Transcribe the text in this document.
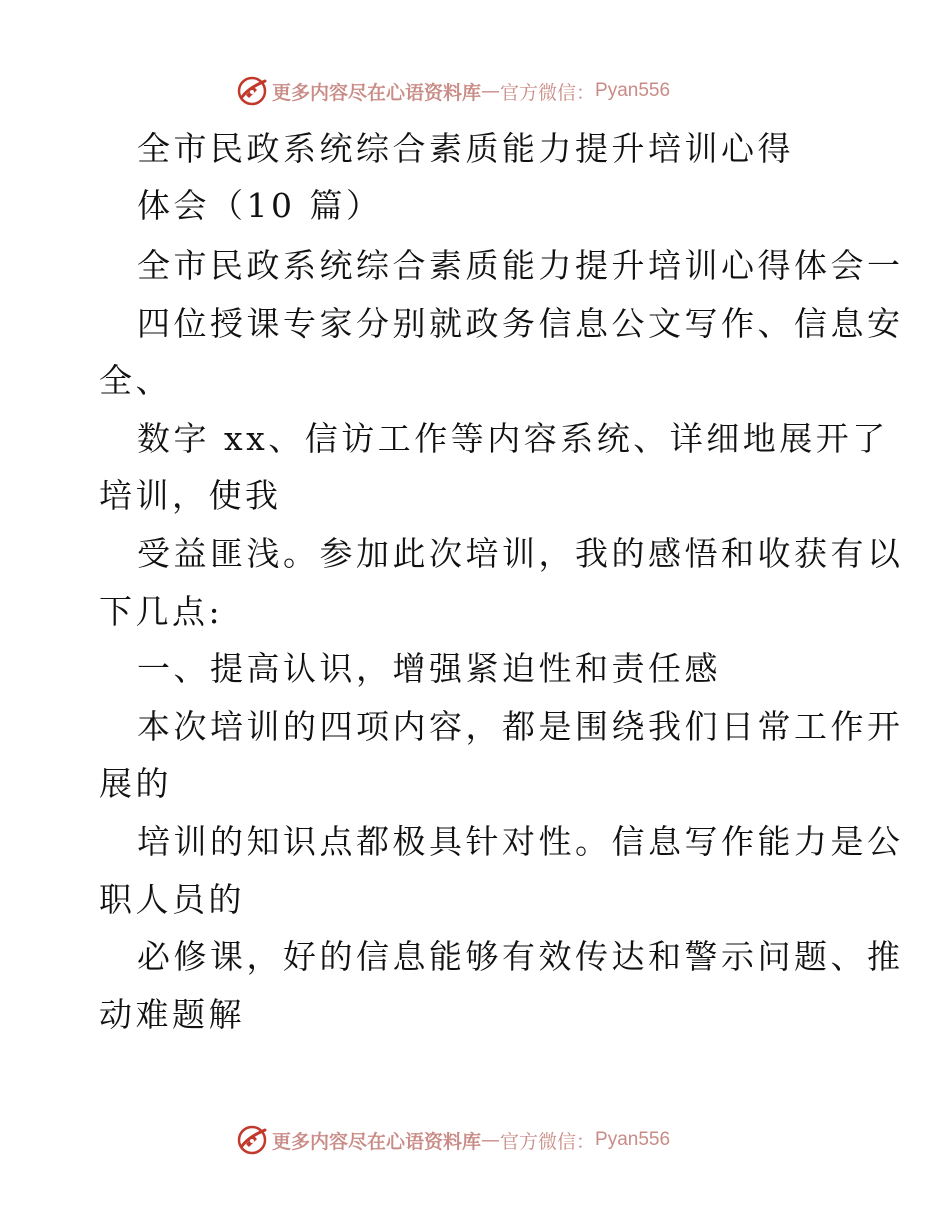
更多内容尽在心语资料库 — 官方微信： Pyan556
全市民政系统综合素质能力提升培训心得
体会（10 篇）
全市民政系统综合素质能力提升培训心得体会一
四位授课专家分别就政务信息公文写作、信息安
全、
数字 xx、信访工作等内容系统、详细地展开了
培训，使我
受益匪浅。参加此次培训，我的感悟和收获有以
下几点:
一、提高认识，增强紧迫性和责任感
本次培训的四项内容，都是围绕我们日常工作开
展的
培训的知识点都极具针对性。信息写作能力是公
职人员的
必修课，好的信息能够有效传达和警示问题、推
动难题解
更多内容尽在心语资料库 — 官方微信： Pyan556
